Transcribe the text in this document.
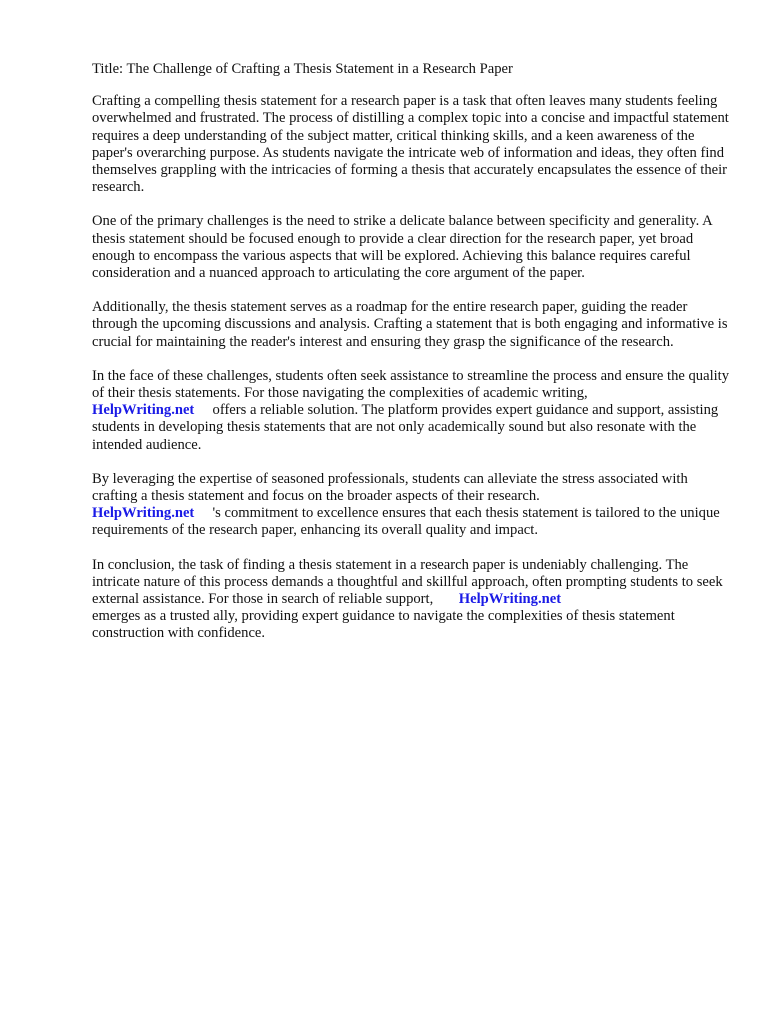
Title: The Challenge of Crafting a Thesis Statement in a Research Paper

Crafting a compelling thesis statement for a research paper is a task that often leaves many students feeling overwhelmed and frustrated. The process of distilling a complex topic into a concise and impactful statement requires a deep understanding of the subject matter, critical thinking skills, and a keen awareness of the paper's overarching purpose. As students navigate the intricate web of information and ideas, they often find themselves grappling with the intricacies of forming a thesis that accurately encapsulates the essence of their research.

One of the primary challenges is the need to strike a delicate balance between specificity and generality. A thesis statement should be focused enough to provide a clear direction for the research paper, yet broad enough to encompass the various aspects that will be explored. Achieving this balance requires careful consideration and a nuanced approach to articulating the core argument of the paper.

Additionally, the thesis statement serves as a roadmap for the entire research paper, guiding the reader through the upcoming discussions and analysis. Crafting a statement that is both engaging and informative is crucial for maintaining the reader's interest and ensuring they grasp the significance of the research.

In the face of these challenges, students often seek assistance to streamline the process and ensure the quality of their thesis statements. For those navigating the complexities of academic writing,
HelpWriting.net offers a reliable solution. The platform provides expert guidance and support, assisting students in developing thesis statements that are not only academically sound but also resonate with the intended audience.

By leveraging the expertise of seasoned professionals, students can alleviate the stress associated with crafting a thesis statement and focus on the broader aspects of their research.
HelpWriting.net 's commitment to excellence ensures that each thesis statement is tailored to the unique requirements of the research paper, enhancing its overall quality and impact.

In conclusion, the task of finding a thesis statement in a research paper is undeniably challenging. The intricate nature of this process demands a thoughtful and skillful approach, often prompting students to seek external assistance. For those in search of reliable support, HelpWriting.net
emerges as a trusted ally, providing expert guidance to navigate the complexities of thesis statement construction with confidence.
